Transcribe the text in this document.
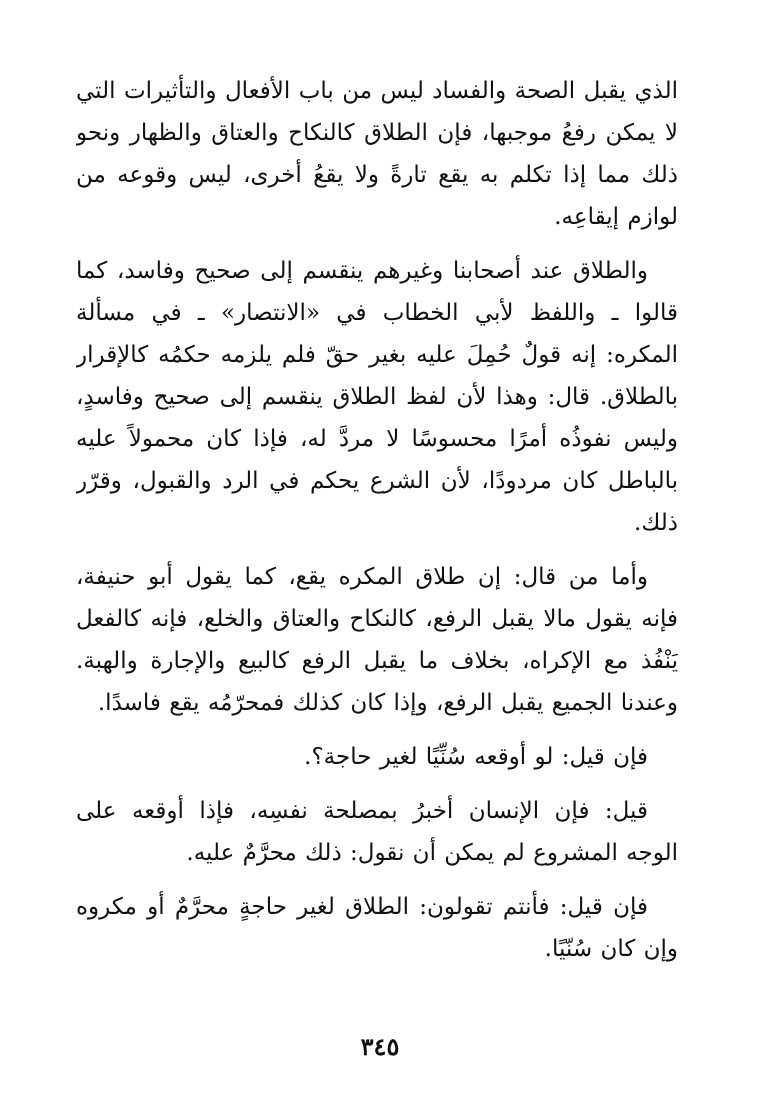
الذي يقبل الصحة والفساد ليس من باب الأفعال والتأثيرات التي لا يمكن رفعُ موجبها، فإن الطلاق كالنكاح والعتاق والظهار ونحو ذلك مما إذا تكلم به يقع تارةً ولا يقعُ أخرى، ليس وقوعه من لوازم إيقاعِه.

والطلاق عند أصحابنا وغيرهم ينقسم إلى صحيح وفاسد، كما قالوا ـ واللفظ لأبي الخطاب في «الانتصار» ـ في مسألة المكره: إنه قولٌ حُمِلَ عليه بغير حقّ فلم يلزمه حكمُه كالإقرار بالطلاق. قال: وهذا لأن لفظ الطلاق ينقسم إلى صحيح وفاسدٍ، وليس نفوذُه أمرًا محسوسًا لا مردَّ له، فإذا كان محمولاً عليه بالباطل كان مردودًا، لأن الشرع يحكم في الرد والقبول، وقرّر ذلك.

وأما من قال: إن طلاق المكره يقع، كما يقول أبو حنيفة، فإنه يقول مالا يقبل الرفع، كالنكاح والعتاق والخلع، فإنه كالفعل يَنْفُذ مع الإكراه، بخلاف ما يقبل الرفع كالبيع والإجارة والهبة. وعندنا الجميع يقبل الرفع، وإذا كان كذلك فمحرّمُه يقع فاسدًا.

فإن قيل: لو أوقعه سُنِّيًا لغير حاجة؟.

قيل: فإن الإنسان أخبرُ بمصلحة نفسِه، فإذا أوقعه على الوجه المشروع لم يمكن أن نقول: ذلك محرَّمٌ عليه.

فإن قيل: فأنتم تقولون: الطلاق لغير حاجةٍ محرَّمٌ أو مكروه وإن كان سُنّيًا.

٣٤٥
